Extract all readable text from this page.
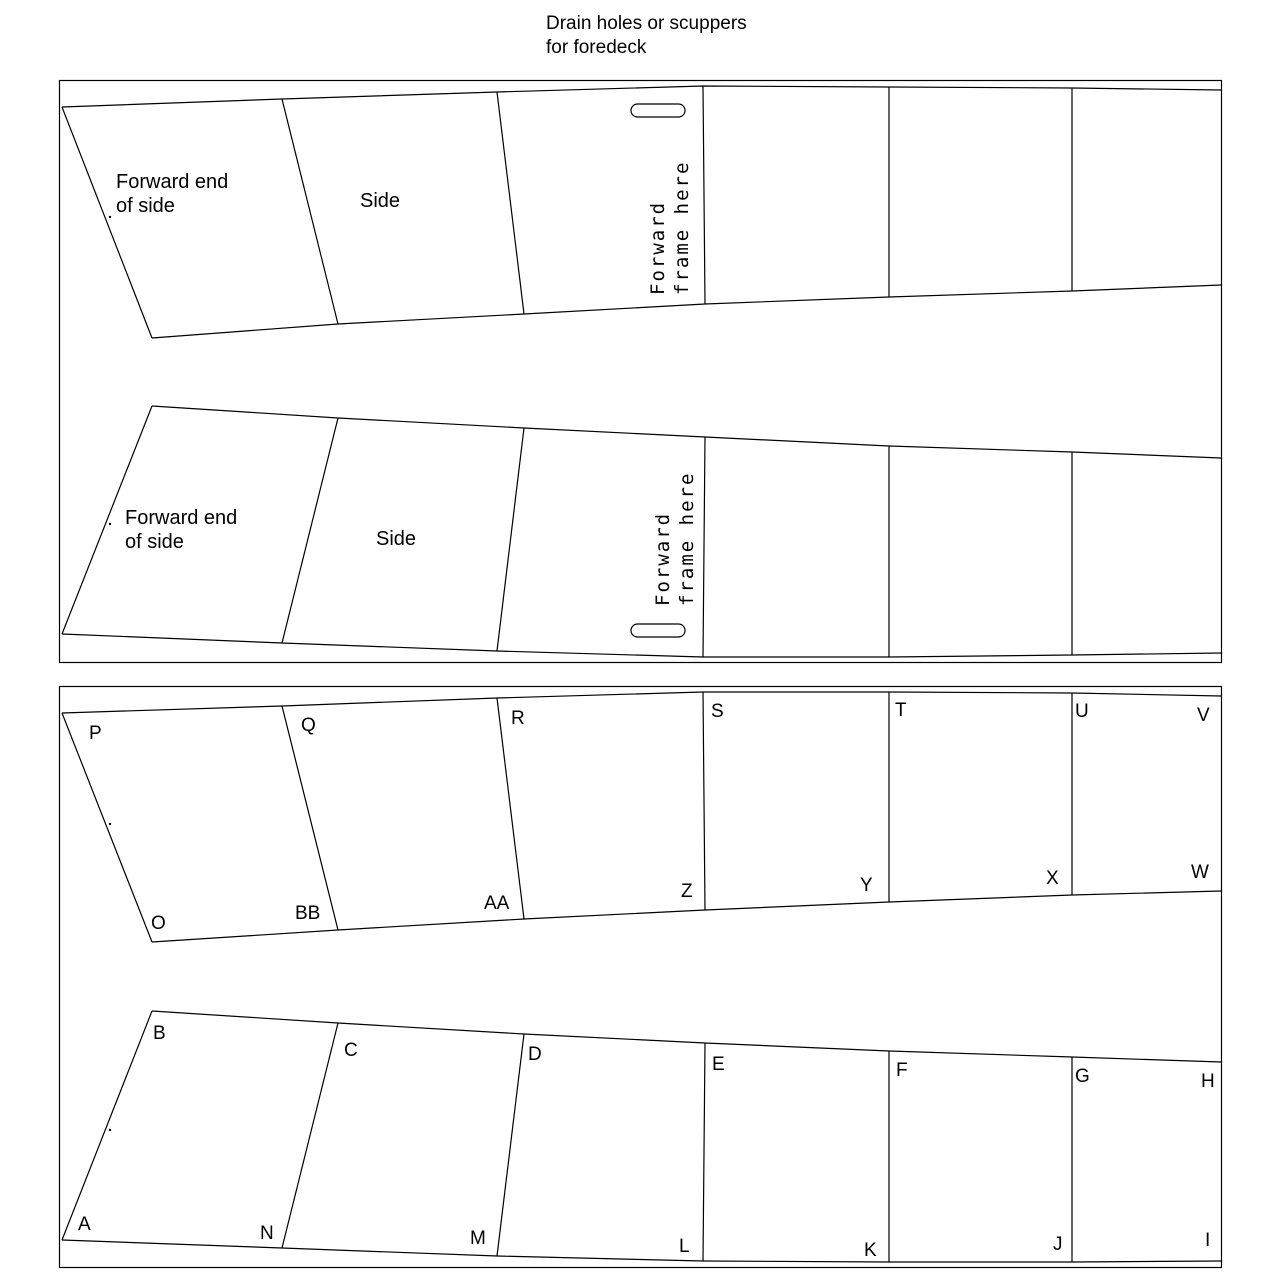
Drain holes or scuppers
for foredeck
Forward end
of side	Side	Forward frame here
Forward end
of side	Side	Forward frame here
P	Q	R	S	T	U	V
W
X
Y
Z
AA
BB
O
B
C	D	E	F	G	H
I
J
K
L
M
N
A
